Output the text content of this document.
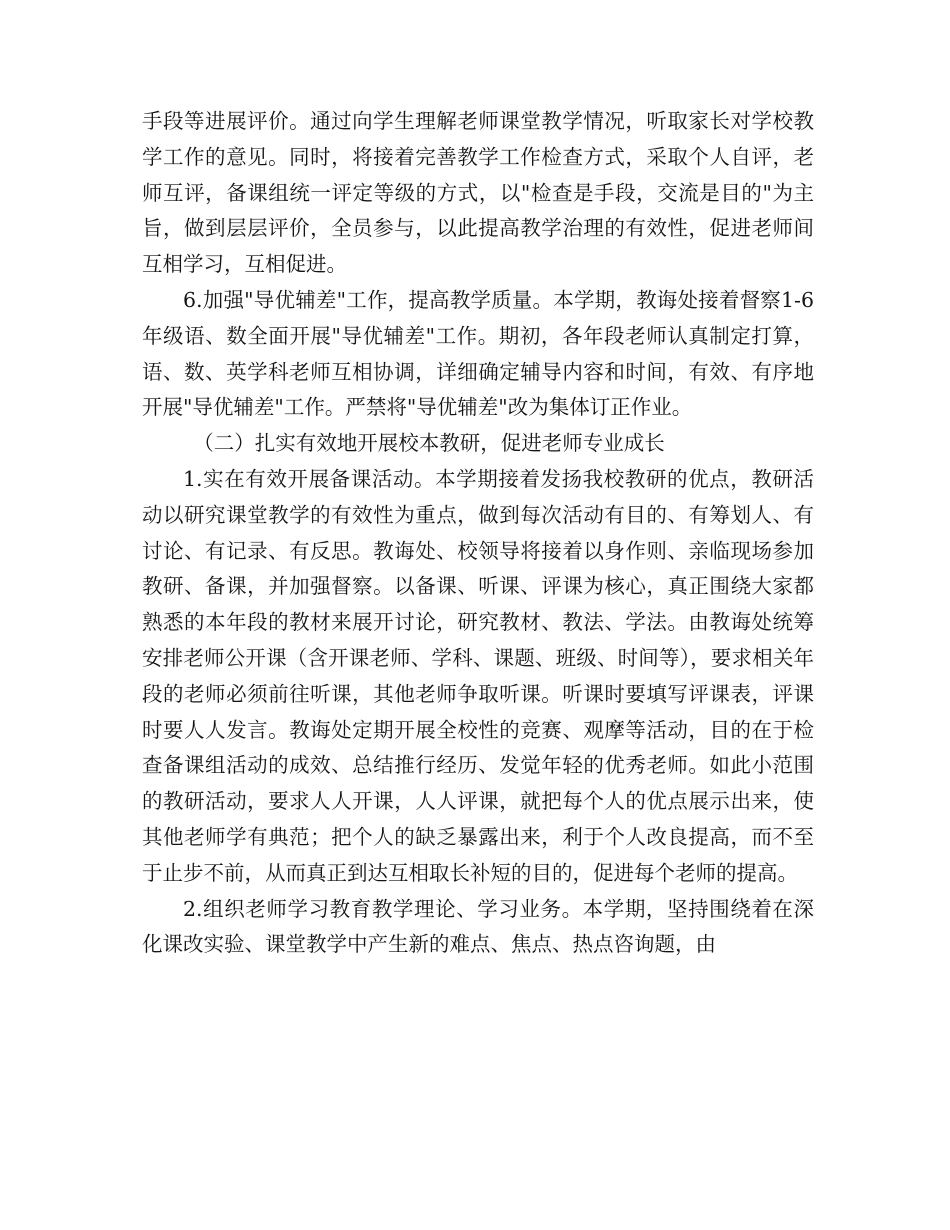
手段等进展评价。通过向学生理解老师课堂教学情况，听取家长对学校教学工作的意见。同时，将接着完善教学工作检查方式，采取个人自评，老师互评，备课组统一评定等级的方式，以"检查是手段，交流是目的"为主旨，做到层层评价，全员参与，以此提高教学治理的有效性，促进老师间互相学习，互相促进。

6.加强"导优辅差"工作，提高教学质量。本学期，教诲处接着督察1-6年级语、数全面开展"导优辅差"工作。期初，各年段老师认真制定打算，语、数、英学科老师互相协调，详细确定辅导内容和时间，有效、有序地开展"导优辅差"工作。严禁将"导优辅差"改为集体订正作业。

（二）扎实有效地开展校本教研，促进老师专业成长

1.实在有效开展备课活动。本学期接着发扬我校教研的优点，教研活动以研究课堂教学的有效性为重点，做到每次活动有目的、有筹划人、有讨论、有记录、有反思。教诲处、校领导将接着以身作则、亲临现场参加教研、备课，并加强督察。以备课、听课、评课为核心，真正围绕大家都熟悉的本年段的教材来展开讨论，研究教材、教法、学法。由教诲处统筹安排老师公开课（含开课老师、学科、课题、班级、时间等），要求相关年段的老师必须前往听课，其他老师争取听课。听课时要填写评课表，评课时要人人发言。教诲处定期开展全校性的竞赛、观摩等活动，目的在于检查备课组活动的成效、总结推行经历、发觉年轻的优秀老师。如此小范围的教研活动，要求人人开课，人人评课，就把每个人的优点展示出来，使其他老师学有典范；把个人的缺乏暴露出来，利于个人改良提高，而不至于止步不前，从而真正到达互相取长补短的目的，促进每个老师的提高。

2.组织老师学习教育教学理论、学习业务。本学期，坚持围绕着在深化课改实验、课堂教学中产生新的难点、焦点、热点咨询题，由
